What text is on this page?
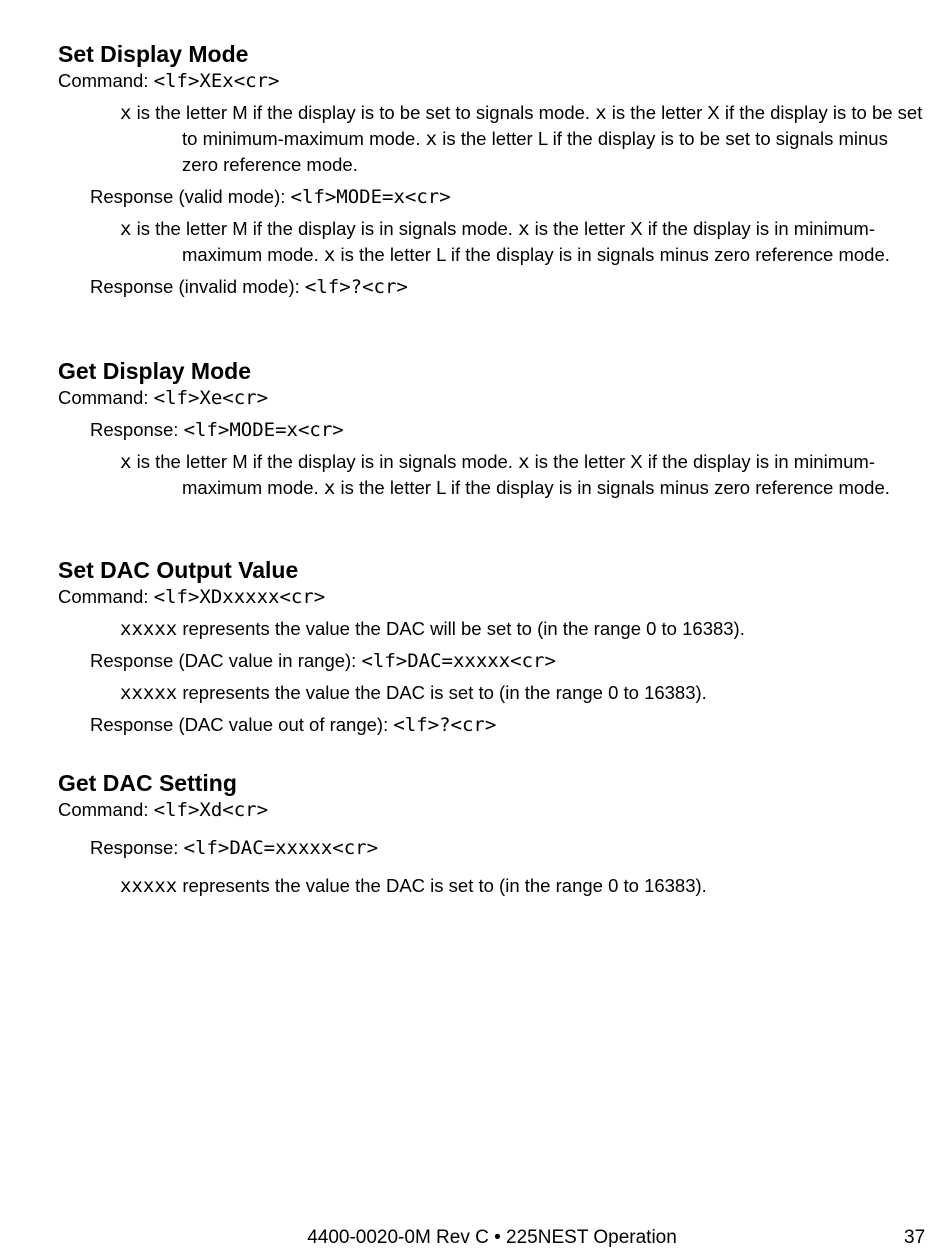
Set Display Mode
Command: <lf>XEx<cr>
x is the letter M if the display is to be set to signals mode. x is the letter X if the display is to be set to minimum-maximum mode. x is the letter L if the display is to be set to signals minus zero reference mode.
Response (valid mode): <lf>MODE=x<cr>
x is the letter M if the display is in signals mode. x is the letter X if the display is in minimum-maximum mode. x is the letter L if the display is in signals minus zero reference mode.
Response (invalid mode): <lf>?<cr>
Get Display Mode
Command: <lf>Xe<cr>
Response: <lf>MODE=x<cr>
x is the letter M if the display is in signals mode. x is the letter X if the display is in minimum-maximum mode. x is the letter L if the display is in signals minus zero reference mode.
Set DAC Output Value
Command: <lf>XDxxxxx<cr>
xxxxx represents the value the DAC will be set to (in the range 0 to 16383).
Response (DAC value in range): <lf>DAC=xxxxx<cr>
xxxxx represents the value the DAC is set to (in the range 0 to 16383).
Response (DAC value out of range): <lf>?<cr>
Get DAC Setting
Command: <lf>Xd<cr>
Response: <lf>DAC=xxxxx<cr>
xxxxx represents the value the DAC is set to (in the range 0 to 16383).
4400-0020-0M Rev C • 225NEST Operation	37
